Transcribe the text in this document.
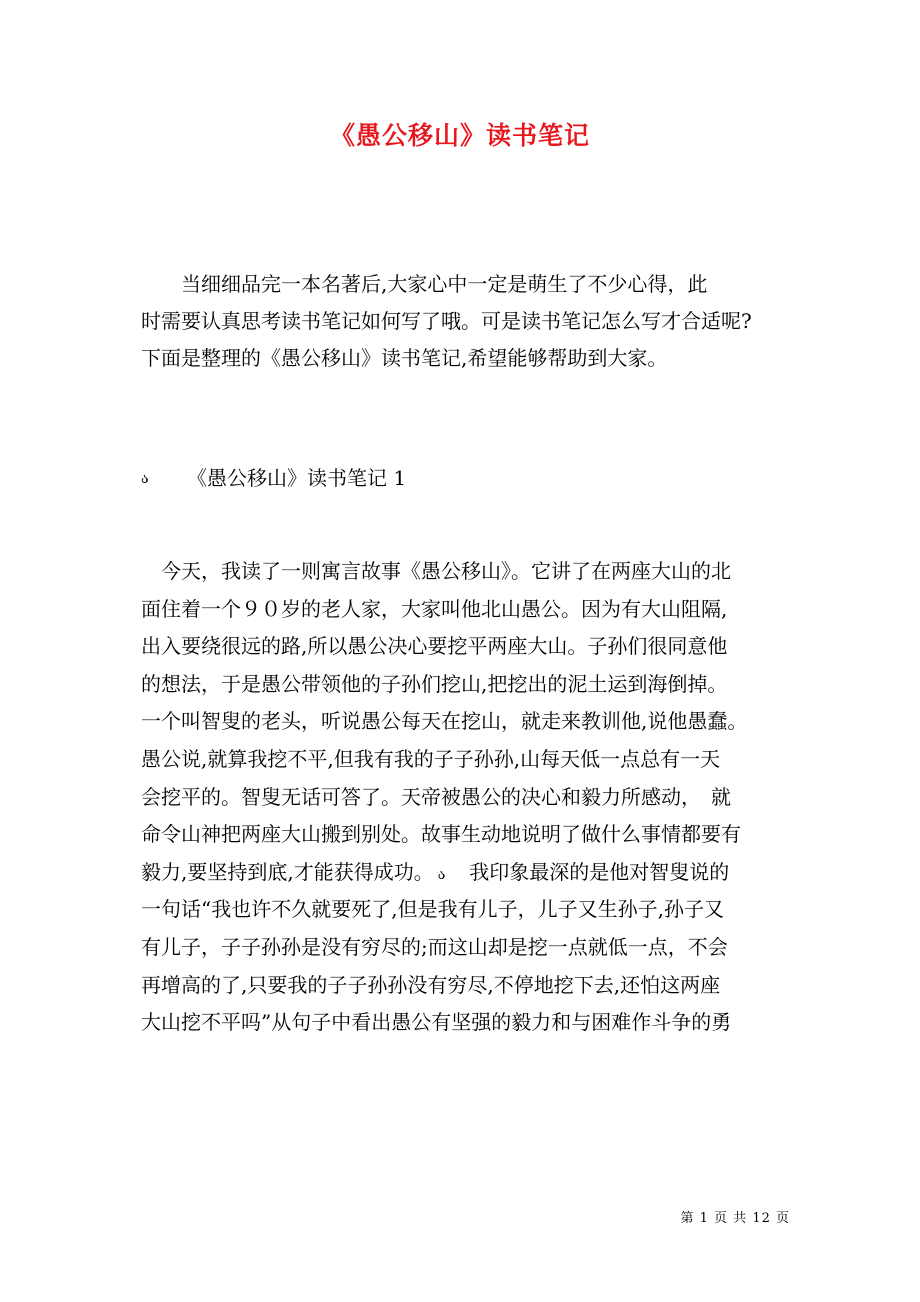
《愚公移山》读书笔记
　　当细细品完一本名著后,大家心中一定是萌生了不少心得，此
时需要认真思考读书笔记如何写了哦。可是读书笔记怎么写才合适呢?
下面是整理的《愚公移山》读书笔记,希望能够帮助到大家。
ა 《愚公移山》读书笔记 1
　今天，我读了一则寓言故事《愚公移山》。它讲了在两座大山的北
面住着一个９０岁的老人家，大家叫他北山愚公。因为有大山阻隔,
出入要绕很远的路,所以愚公决心要挖平两座大山。子孙们很同意他
的想法，于是愚公带领他的子孙们挖山,把挖出的泥土运到海倒掉。
一个叫智叟的老头，听说愚公每天在挖山，就走来教训他,说他愚蠢。
愚公说,就算我挖不平,但我有我的子子孙孙,山每天低一点总有一天
会挖平的。智叟无话可答了。天帝被愚公的决心和毅力所感动，　就
命令山神把两座大山搬到别处。故事生动地说明了做什么事情都要有
毅力,要坚持到底,才能获得成功。 ა　我印象最深的是他对智叟说的
一句话“我也许不久就要死了,但是我有儿子，儿子又生孙子,孙子又
有儿子，子子孙孙是没有穷尽的;而这山却是挖一点就低一点，不会
再增高的了,只要我的子子孙孙没有穷尽,不停地挖下去,还怕这两座
大山挖不平吗”从句子中看出愚公有坚强的毅力和与困难作斗争的勇
第 1 页 共 12 页
